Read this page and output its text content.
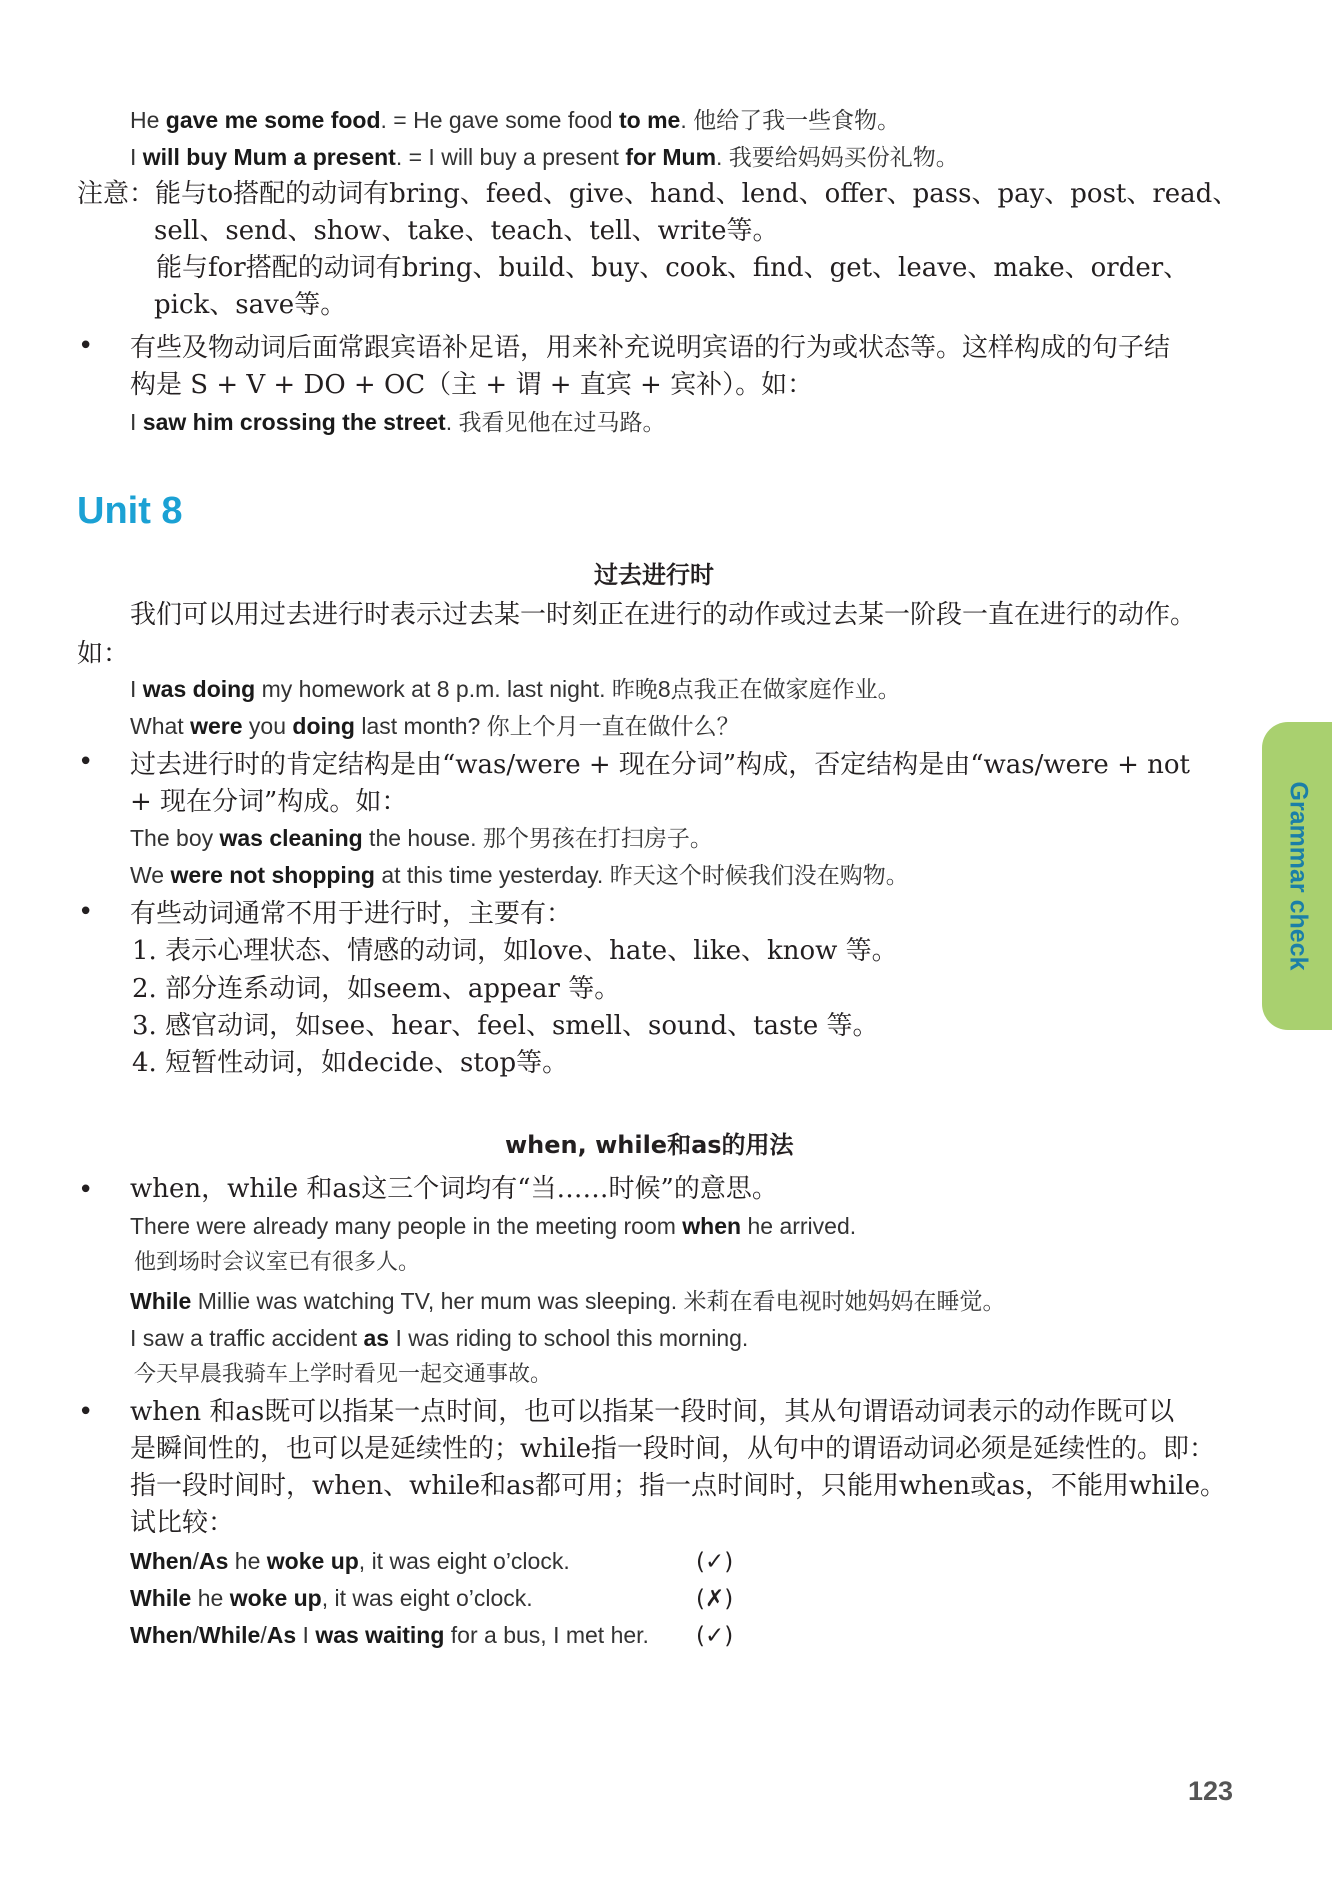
He gave me some food. = He gave some food to me. 他给了我一些食物。
I will buy Mum a present. = I will buy a present for Mum. 我要给妈妈买份礼物。
注意：能与to搭配的动词有bring、feed、give、hand、lend、offer、pass、pay、post、read、
sell、send、show、take、teach、tell、write等。
能与for搭配的动词有bring、build、buy、cook、find、get、leave、make、order、
pick、save等。
• 有些及物动词后面常跟宾语补足语，用来补充说明宾语的行为或状态等。这样构成的句子结
构是 S + V + DO + OC（主 + 谓 + 直宾 + 宾补）。如：
I saw him crossing the street. 我看见他在过马路。
Unit 8
过去进行时
我们可以用过去进行时表示过去某一时刻正在进行的动作或过去某一阶段一直在进行的动作。
如：
I was doing my homework at 8 p.m. last night. 昨晚8点我正在做家庭作业。
What were you doing last month? 你上个月一直在做什么？
• 过去进行时的肯定结构是由“was/were + 现在分词”构成，否定结构是由“was/were + not
+ 现在分词”构成。如：
The boy was cleaning the house. 那个男孩在打扫房子。
We were not shopping at this time yesterday. 昨天这个时候我们没在购物。
• 有些动词通常不用于进行时，主要有：
1. 表示心理状态、情感的动词，如love、hate、like、know 等。
2. 部分连系动词，如seem、appear 等。
3. 感官动词，如see、hear、feel、smell、sound、taste 等。
4. 短暂性动词，如decide、stop等。
when, while和as的用法
• when，while 和as这三个词均有“当……时候”的意思。
There were already many people in the meeting room when he arrived.
他到场时会议室已有很多人。
While Millie was watching TV, her mum was sleeping. 米莉在看电视时她妈妈在睡觉。
I saw a traffic accident as I was riding to school this morning.
今天早晨我骑车上学时看见一起交通事故。
• when 和as既可以指某一点时间，也可以指某一段时间，其从句谓语动词表示的动作既可以
是瞬间性的，也可以是延续性的；while指一段时间，从句中的谓语动词必须是延续性的。即：
指一段时间时，when、while和as都可用；指一点时间时，只能用when或as，不能用while。
试比较：
When/As he woke up, it was eight o’clock.	(✓)
While he woke up, it was eight o’clock.	(✗)
When/While/As I was waiting for a bus, I met her. (✓)
Grammar check
123
